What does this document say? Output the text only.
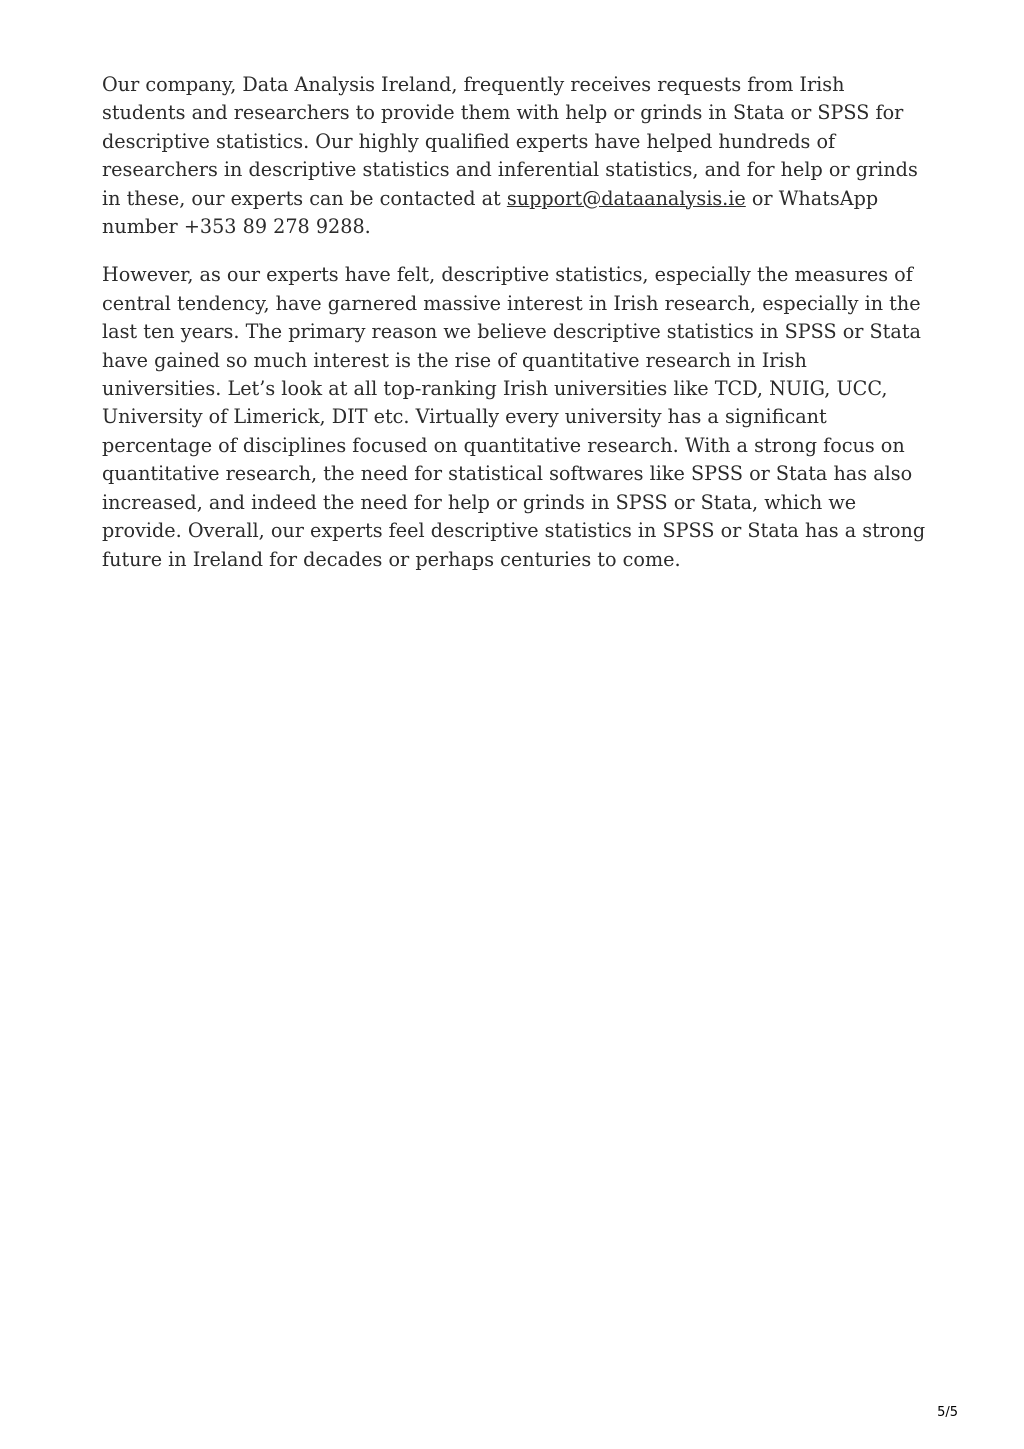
Our company, Data Analysis Ireland, frequently receives requests from Irish students and researchers to provide them with help or grinds in Stata or SPSS for descriptive statistics. Our highly qualified experts have helped hundreds of researchers in descriptive statistics and inferential statistics, and for help or grinds in these, our experts can be contacted at support@dataanalysis.ie or WhatsApp number +353 89 278 9288.

However, as our experts have felt, descriptive statistics, especially the measures of central tendency, have garnered massive interest in Irish research, especially in the last ten years. The primary reason we believe descriptive statistics in SPSS or Stata have gained so much interest is the rise of quantitative research in Irish universities. Let’s look at all top-ranking Irish universities like TCD, NUIG, UCC, University of Limerick, DIT etc. Virtually every university has a significant percentage of disciplines focused on quantitative research. With a strong focus on quantitative research, the need for statistical softwares like SPSS or Stata has also increased, and indeed the need for help or grinds in SPSS or Stata, which we provide. Overall, our experts feel descriptive statistics in SPSS or Stata has a strong future in Ireland for decades or perhaps centuries to come.

5/5
